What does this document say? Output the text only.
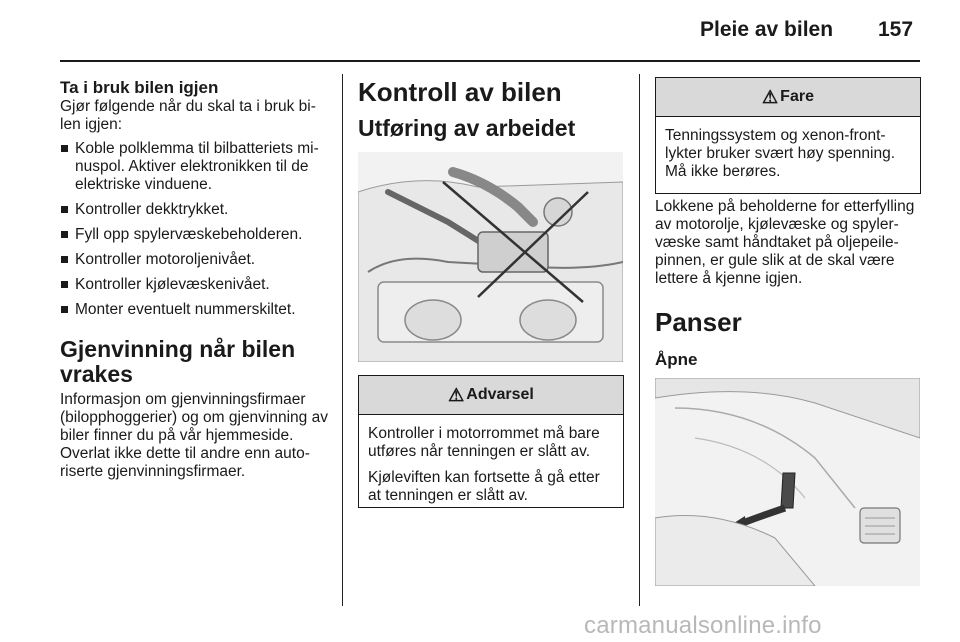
Pleie av bilen 157

Ta i bruk bilen igjen

Gjør følgende når du skal ta i bruk bi-len igjen:

Koble polklemma til bilbatteriets mi-nuspol. Aktiver elektronikken til de elektriske vinduene.
Kontroller dekktrykket.
Fyll opp spylervæskebeholderen.
Kontroller motoroljenivået.
Kontroller kjølevæskenivået.
Monter eventuelt nummerskiltet.

Gjenvinning når bilen vrakes

Informasjon om gjenvinningsfirmaer (bilopphoggerier) og om gjenvinning av biler finner du på vår hjemmeside. Overlat ikke dette til andre enn auto-riserte gjenvinningsfirmaer.

Kontroll av bilen

Utføring av arbeidet

⚠ Advarsel

Kontroller i motorrommet må bare utføres når tenningen er slått av.

Kjøleviften kan fortsette å gå etter at tenningen er slått av.

⚠ Fare

Tenningssystem og xenon-front-lykter bruker svært høy spenning. Må ikke berøres.

Lokkene på beholderne for etterfylling av motorolje, kjølevæske og spyler-væske samt håndtaket på oljepeile-pinnen, er gule slik at de skal være lettere å kjenne igjen.

Panser

Åpne

carmanualsonline.info
